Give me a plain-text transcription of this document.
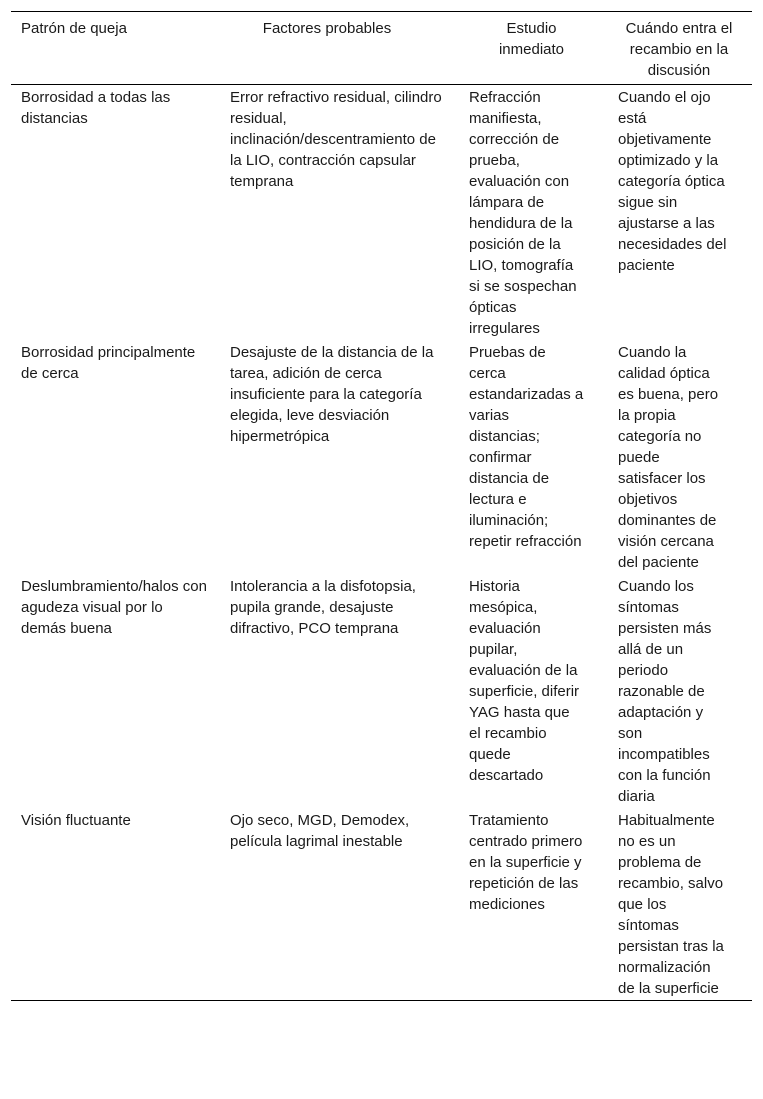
Patrón de queja	Factores probables	Estudio inmediato	Cuándo entra el recambio en la discusión
Borrosidad a todas las distancias	Error refractivo residual, cilindro residual, inclinación/descentramiento de la LIO, contracción capsular temprana	Refracción manifiesta, corrección de prueba, evaluación con lámpara de hendidura de la posición de la LIO, tomografía si se sospechan ópticas irregulares	Cuando el ojo está objetivamente optimizado y la categoría óptica sigue sin ajustarse a las necesidades del paciente
Borrosidad principalmente de cerca	Desajuste de la distancia de la tarea, adición de cerca insuficiente para la categoría elegida, leve desviación hipermetrópica	Pruebas de cerca estandarizadas a varias distancias; confirmar distancia de lectura e iluminación; repetir refracción	Cuando la calidad óptica es buena, pero la propia categoría no puede satisfacer los objetivos dominantes de visión cercana del paciente
Deslumbramiento/halos con agudeza visual por lo demás buena	Intolerancia a la disfotopsia, pupila grande, desajuste difractivo, PCO temprana	Historia mesópica, evaluación pupilar, evaluación de la superficie, diferir YAG hasta que el recambio quede descartado	Cuando los síntomas persisten más allá de un periodo razonable de adaptación y son incompatibles con la función diaria
Visión fluctuante	Ojo seco, MGD, Demodex, película lagrimal inestable	Tratamiento centrado primero en la superficie y repetición de las mediciones	Habitualmente no es un problema de recambio, salvo que los síntomas persistan tras la normalización de la superficie
